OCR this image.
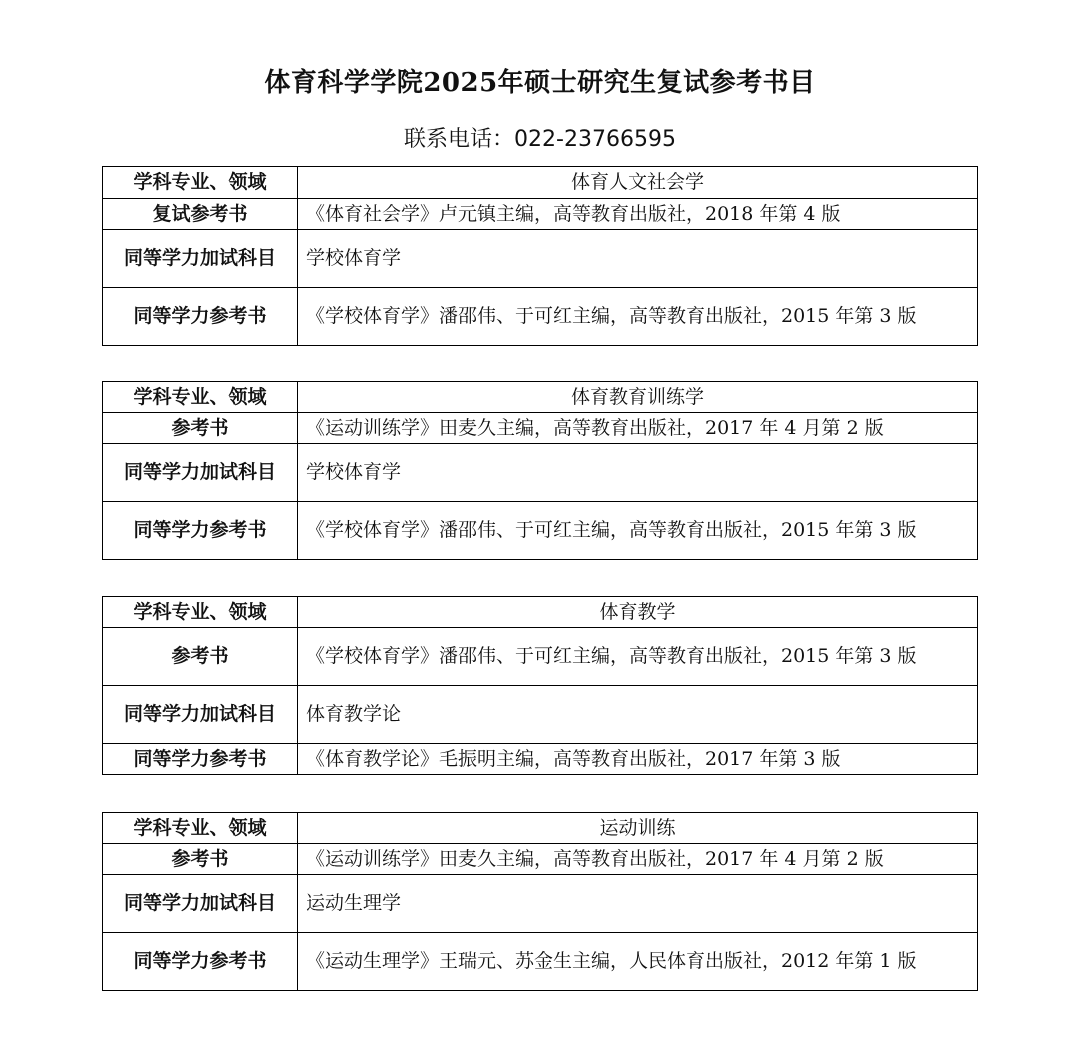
体育科学学院2025年硕士研究生复试参考书目
联系电话：022-23766595
学科专业、领域	体育人文社会学
复试参考书	《体育社会学》卢元镇主编，高等教育出版社，2018 年第 4 版
同等学力加试科目	学校体育学
同等学力参考书	《学校体育学》潘邵伟、于可红主编，高等教育出版社，2015 年第 3 版
学科专业、领域	体育教育训练学
参考书	《运动训练学》田麦久主编，高等教育出版社，2017 年 4 月第 2 版
同等学力加试科目	学校体育学
同等学力参考书	《学校体育学》潘邵伟、于可红主编，高等教育出版社，2015 年第 3 版
学科专业、领域	体育教学
参考书	《学校体育学》潘邵伟、于可红主编，高等教育出版社，2015 年第 3 版
同等学力加试科目	体育教学论
同等学力参考书	《体育教学论》毛振明主编，高等教育出版社，2017 年第 3 版
学科专业、领域	运动训练
参考书	《运动训练学》田麦久主编，高等教育出版社，2017 年 4 月第 2 版
同等学力加试科目	运动生理学
同等学力参考书	《运动生理学》王瑞元、苏金生主编，人民体育出版社，2012 年第 1 版
